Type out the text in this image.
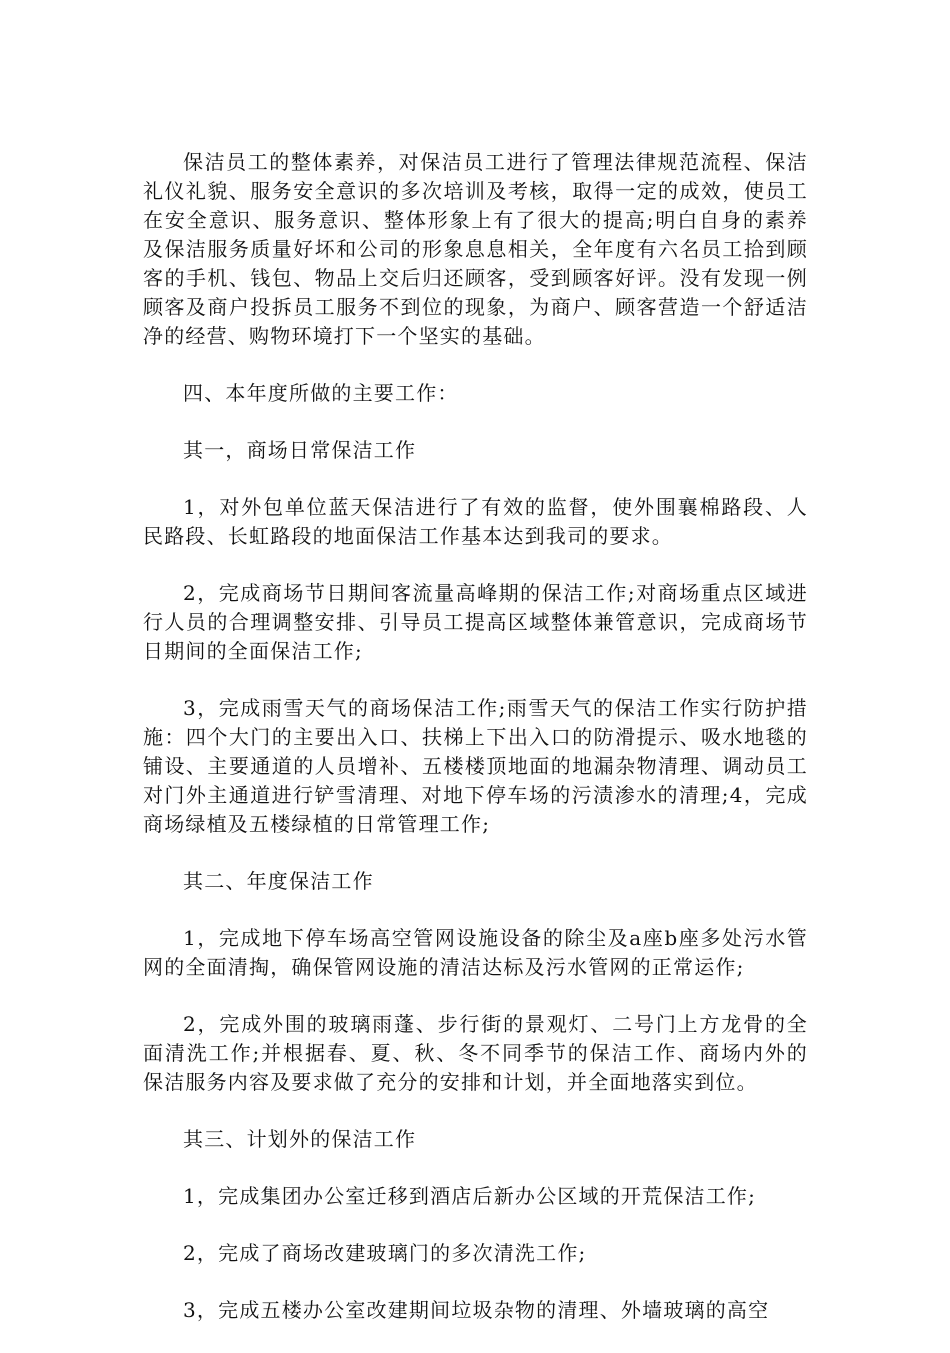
保洁员工的整体素养，对保洁员工进行了管理法律规范流程、保洁礼仪礼貌、服务安全意识的多次培训及考核，取得一定的成效，使员工在安全意识、服务意识、整体形象上有了很大的提高;明白自身的素养及保洁服务质量好坏和公司的形象息息相关，全年度有六名员工拾到顾客的手机、钱包、物品上交后归还顾客，受到顾客好评。没有发现一例顾客及商户投拆员工服务不到位的现象，为商户、顾客营造一个舒适洁净的经营、购物环境打下一个坚实的基础。

四、本年度所做的主要工作：

其一，商场日常保洁工作

1，对外包单位蓝天保洁进行了有效的监督，使外围襄棉路段、人民路段、长虹路段的地面保洁工作基本达到我司的要求。

2，完成商场节日期间客流量高峰期的保洁工作;对商场重点区域进行人员的合理调整安排、引导员工提高区域整体兼管意识，完成商场节日期间的全面保洁工作;

3，完成雨雪天气的商场保洁工作;雨雪天气的保洁工作实行防护措施：四个大门的主要出入口、扶梯上下出入口的防滑提示、吸水地毯的铺设、主要通道的人员增补、五楼楼顶地面的地漏杂物清理、调动员工对门外主通道进行铲雪清理、对地下停车场的污渍渗水的清理;4，完成商场绿植及五楼绿植的日常管理工作;

其二、年度保洁工作

1，完成地下停车场高空管网设施设备的除尘及a座b座多处污水管网的全面清掏，确保管网设施的清洁达标及污水管网的正常运作;

2，完成外围的玻璃雨蓬、步行街的景观灯、二号门上方龙骨的全面清洗工作;并根据春、夏、秋、冬不同季节的保洁工作、商场内外的保洁服务内容及要求做了充分的安排和计划，并全面地落实到位。

其三、计划外的保洁工作

1，完成集团办公室迁移到酒店后新办公区域的开荒保洁工作;

2，完成了商场改建玻璃门的多次清洗工作;

3，完成五楼办公室改建期间垃圾杂物的清理、外墙玻璃的高空
